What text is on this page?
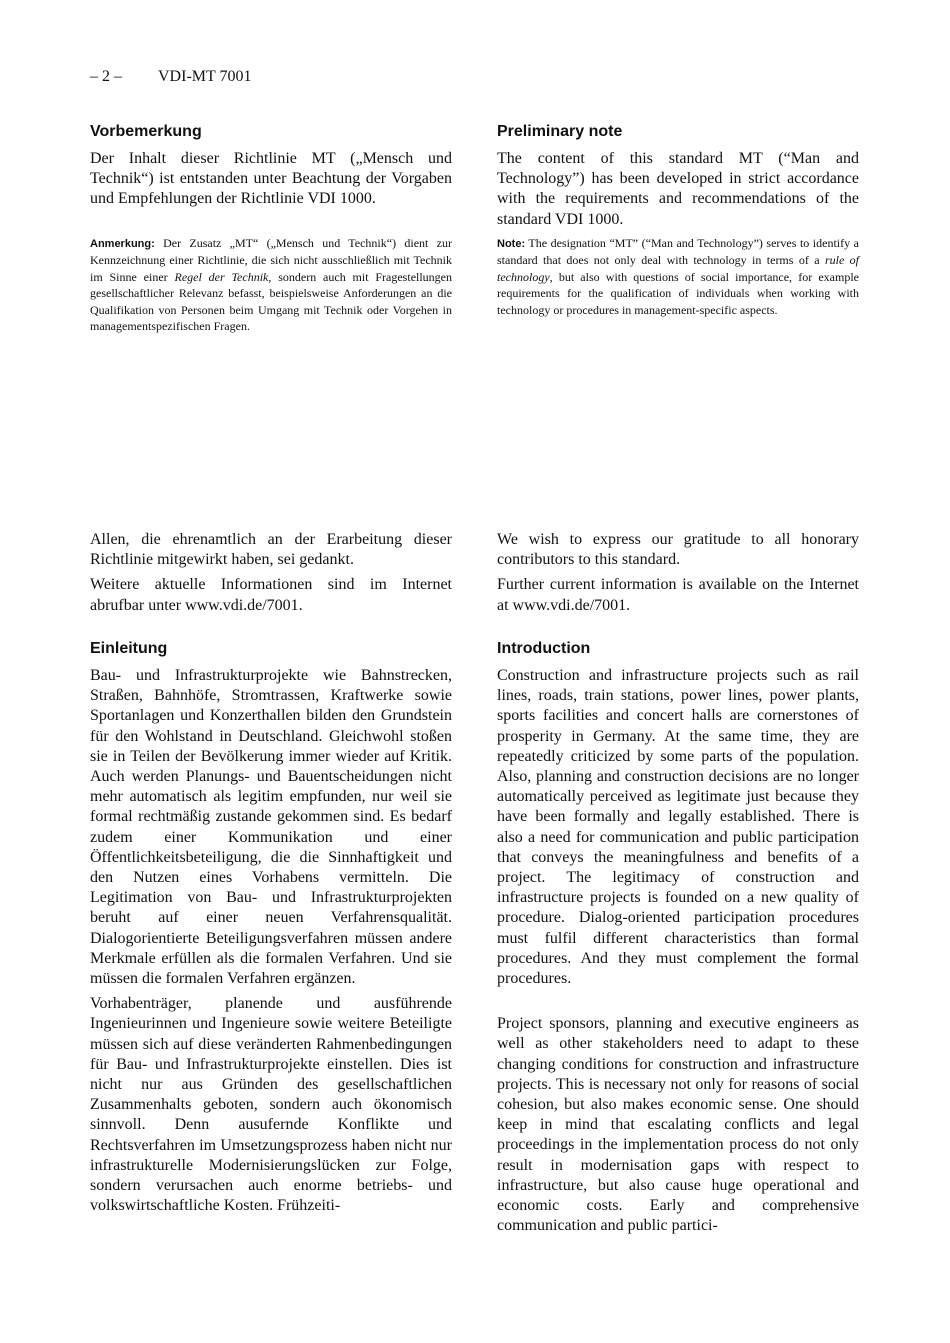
– 2 – VDI-MT 7001
Vorbemerkung

Der Inhalt dieser Richtlinie MT („Mensch und Technik“) ist entstanden unter Beachtung der Vorgaben und Empfehlungen der Richtlinie VDI 1000.

Anmerkung: Der Zusatz „MT“ („Mensch und Technik“) dient zur Kennzeichnung einer Richtlinie, die sich nicht ausschließlich mit Technik im Sinne einer Regel der Technik, sondern auch mit Fragestellungen gesellschaftlicher Relevanz befasst, beispielsweise Anforderungen an die Qualifikation von Personen beim Umgang mit Technik oder Vorgehen in managementspezifischen Fragen.

Preliminary note

The content of this standard MT (“Man and Technology”) has been developed in strict accordance with the requirements and recommendations of the standard VDI 1000.

Note: The designation “MT” (“Man and Technology”) serves to identify a standard that does not only deal with technology in terms of a rule of technology, but also with questions of social importance, for example requirements for the qualification of individuals when working with technology or procedures in management-specific aspects.

Allen, die ehrenamtlich an der Erarbeitung dieser Richtlinie mitgewirkt haben, sei gedankt.

Weitere aktuelle Informationen sind im Internet abrufbar unter www.vdi.de/7001.

We wish to express our gratitude to all honorary contributors to this standard.

Further current information is available on the Internet at www.vdi.de/7001.

Einleitung

Bau- und Infrastrukturprojekte wie Bahnstrecken, Straßen, Bahnhöfe, Stromtrassen, Kraftwerke sowie Sportanlagen und Konzerthallen bilden den Grundstein für den Wohlstand in Deutschland. Gleichwohl stoßen sie in Teilen der Bevölkerung immer wieder auf Kritik. Auch werden Planungs- und Bauentscheidungen nicht mehr automatisch als legitim empfunden, nur weil sie formal rechtmäßig zustande gekommen sind. Es bedarf zudem einer Kommunikation und einer Öffentlichkeitsbeteiligung, die die Sinnhaftigkeit und den Nutzen eines Vorhabens vermitteln. Die Legitimation von Bau- und Infrastrukturprojekten beruht auf einer neuen Verfahrensqualität. Dialogorientierte Beteiligungsverfahren müssen andere Merkmale erfüllen als die formalen Verfahren. Und sie müssen die formalen Verfahren ergänzen.

Vorhabenträger, planende und ausführende Ingenieurinnen und Ingenieure sowie weitere Beteiligte müssen sich auf diese veränderten Rahmenbedingungen für Bau- und Infrastrukturprojekte einstellen. Dies ist nicht nur aus Gründen des gesellschaftlichen Zusammenhalts geboten, sondern auch ökonomisch sinnvoll. Denn ausufernde Konflikte und Rechtsverfahren im Umsetzungsprozess haben nicht nur infrastrukturelle Modernisierungslücken zur Folge, sondern verursachen auch enorme betriebs- und volkswirtschaftliche Kosten. Frühzeiti-

Introduction

Construction and infrastructure projects such as rail lines, roads, train stations, power lines, power plants, sports facilities and concert halls are cornerstones of prosperity in Germany. At the same time, they are repeatedly criticized by some parts of the population. Also, planning and construction decisions are no longer automatically perceived as legitimate just because they have been formally and legally established. There is also a need for communication and public participation that conveys the meaningfulness and benefits of a project. The legitimacy of construction and infrastructure projects is founded on a new quality of procedure. Dialog-oriented participation procedures must fulfil different characteristics than formal procedures. And they must complement the formal procedures.

Project sponsors, planning and executive engineers as well as other stakeholders need to adapt to these changing conditions for construction and infrastructure projects. This is necessary not only for reasons of social cohesion, but also makes economic sense. One should keep in mind that escalating conflicts and legal proceedings in the implementation process do not only result in modernisation gaps with respect to infrastructure, but also cause huge operational and economic costs. Early and comprehensive communication and public partici-
